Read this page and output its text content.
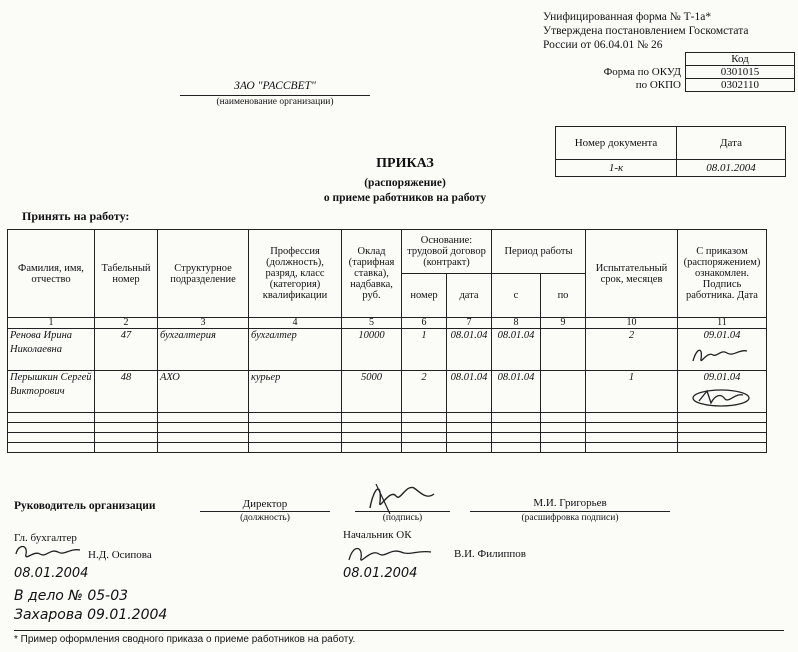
Унифицированная форма № Т-1а*
Утверждена постановлением Госкомстата
России от 06.04.01 № 26
	Код
Форма по ОКУД	0301015
по ОКПО	0302110
ЗАО "РАССВЕТ"
(наименование организации)
Номер документа	Дата
1-к	08.01.2004
ПРИКАЗ
(распоряжение)
о приеме работников на работу
Принять на работу:
Фамилия, имя, отчество	Табельный номер	Структурное подразделение	Профессия (должность), разряд, класс (категория) квалификации	Оклад (тарифная ставка), надбавка, руб.	Основание: трудовой договор (контракт)		Период работы		Испытательный срок, месяцев	С приказом (распоряжением) ознакомлен. Подпись работника. Дата
					номер	дата	с	по		
1	2	3	4	5	6	7	8	9	10	11
Ренова Ирина Николаевна	47	бухгалтерия	бухгалтер	10000	1	08.01.04	08.01.04		2	09.01.04

Перышкин Сергей Викторович	48	АХО	курьер	5000	2	08.01.04	08.01.04		1	09.01.04

Руководитель организации	Директор
(должность)	(подпись)
М.И. Григорьев
(расшифровка подписи)
Гл. бухгалтер
Н.Д. Осипова
08.01.2004
Начальник ОК
В.И. Филиппов
08.01.2004
В дело № 05-03
Захарова 09.01.2004
* Пример оформления сводного приказа о приеме работников на работу.
